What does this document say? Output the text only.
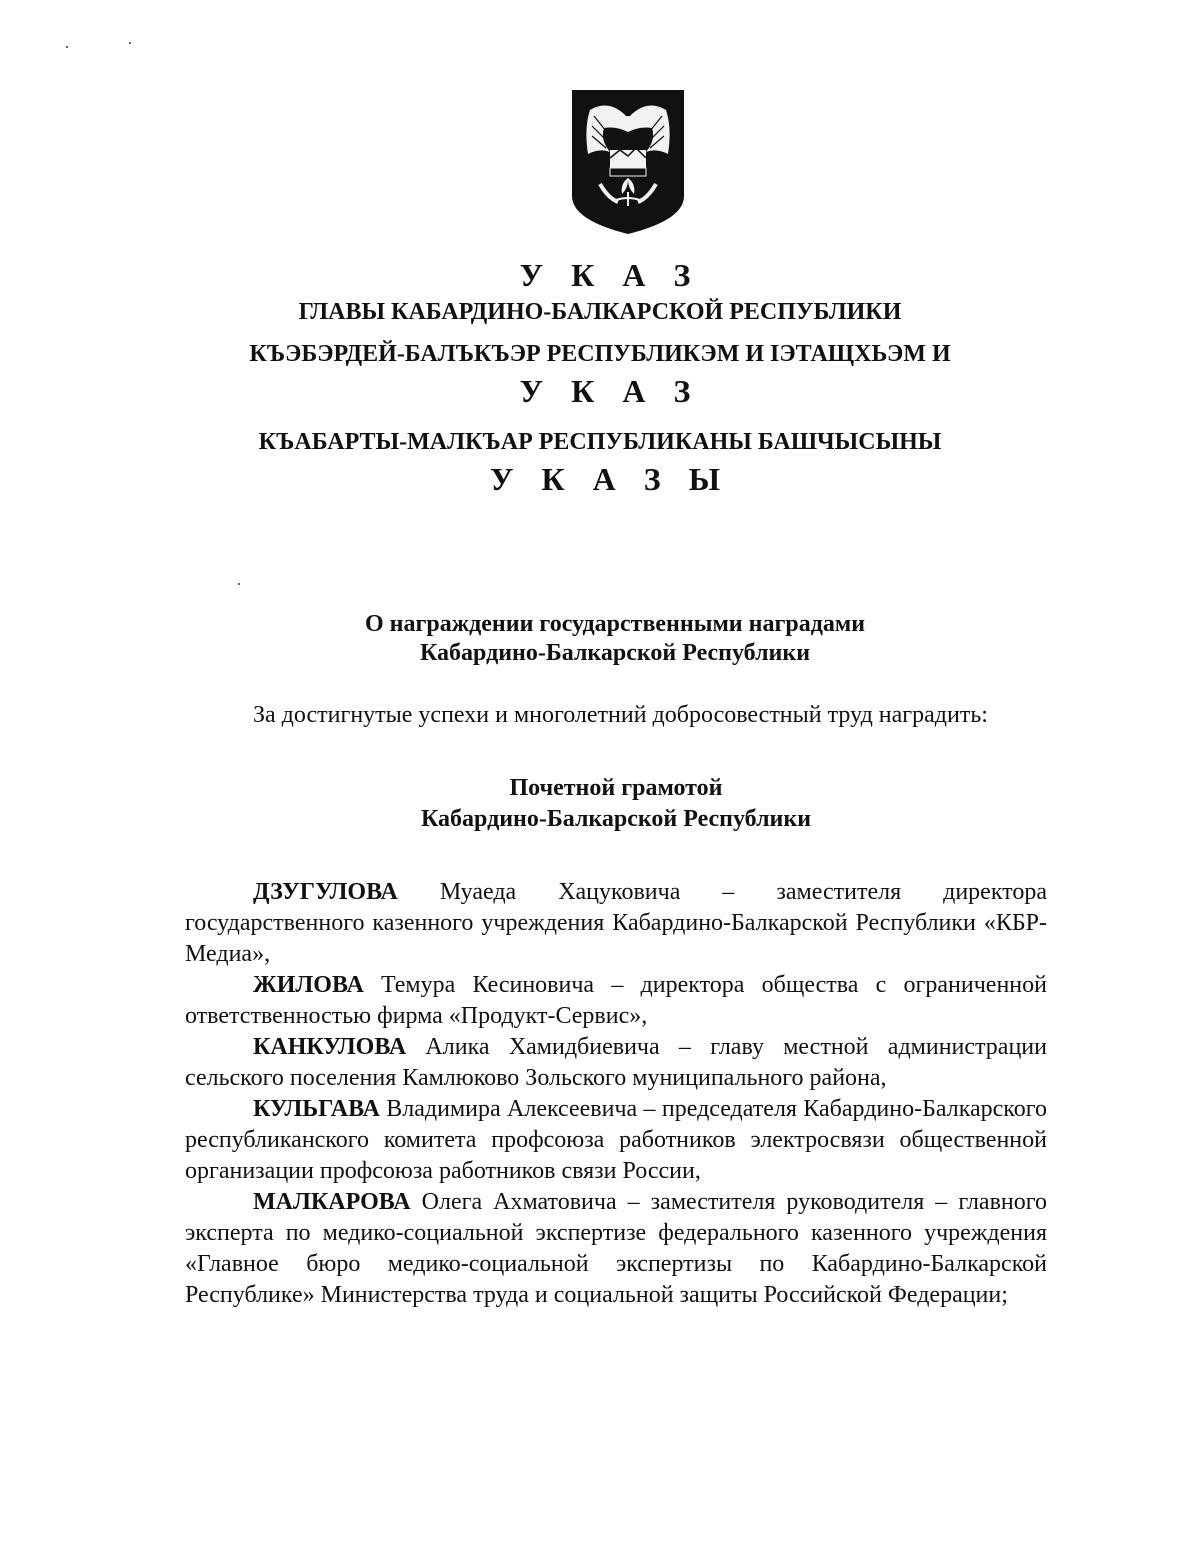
У К А З
ГЛАВЫ КАБАРДИНО-БАЛКАРСКОЙ РЕСПУБЛИКИ
КЪЭБЭРДЕЙ-БАЛЪКЪЭР РЕСПУБЛИКЭМ И ІЭТАЩХЬЭМ И
У К А З
КЪАБАРТЫ-МАЛКЪАР РЕСПУБЛИКАНЫ БАШЧЫСЫНЫ
У К А З Ы
О награждении государственными наградами
Кабардино-Балкарской Республики

За достигнутые успехи и многолетний добросовестный труд наградить:

Почетной грамотой
Кабардино-Балкарской Республики

ДЗУГУЛОВА Муаеда Хацуковича – заместителя директора государственного казенного учреждения Кабардино-Балкарской Республики «КБР-Медиа»,

ЖИЛОВА Темура Кесиновича – директора общества с ограниченной ответственностью фирма «Продукт-Сервис»,

КАНКУЛОВА Алика Хамидбиевича – главу местной администрации сельского поселения Камлюково Зольского муниципального района,

КУЛЬГАВА Владимира Алексеевича – председателя Кабардино-Балкарского республиканского комитета профсоюза работников электросвязи общественной организации профсоюза работников связи России,

МАЛКАРОВА Олега Ахматовича – заместителя руководителя – главного эксперта по медико-социальной экспертизе федерального казенного учреждения «Главное бюро медико-социальной экспертизы по Кабардино-Балкарской Республике» Министерства труда и социальной защиты Российской Федерации;
